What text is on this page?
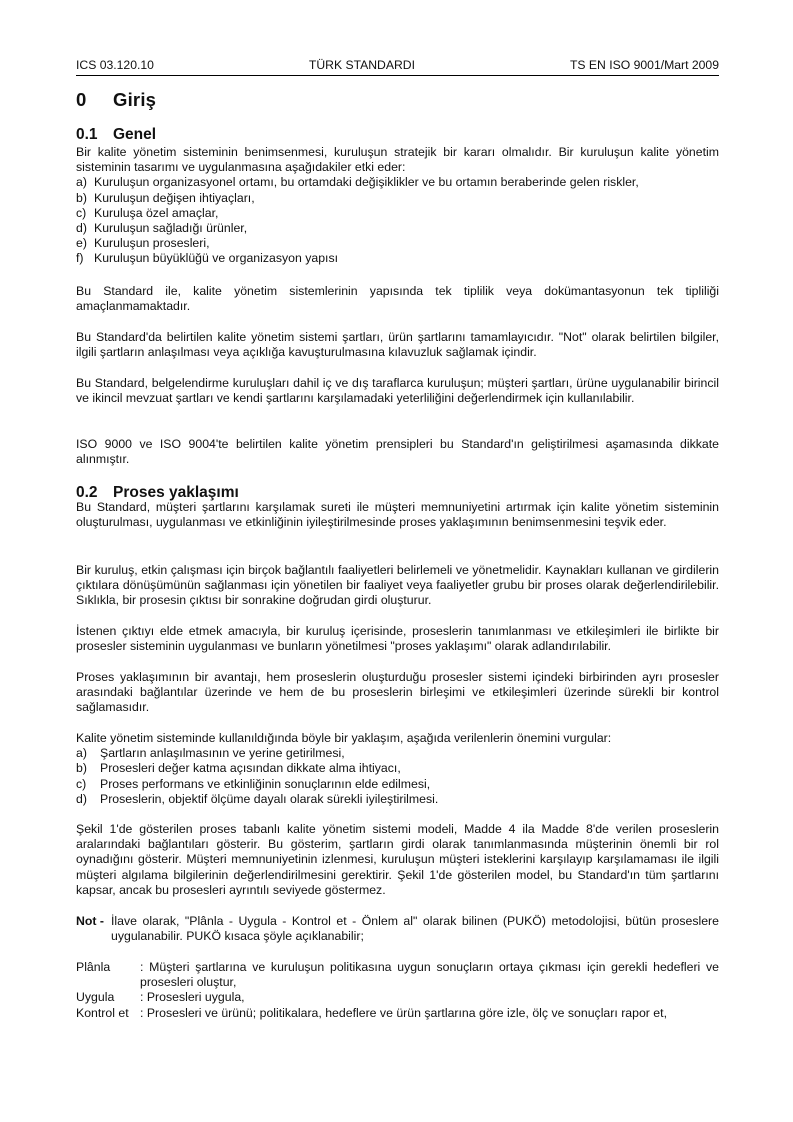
ICS 03.120.10	TÜRK STANDARDI	TS EN ISO 9001/Mart 2009
0 Giriş
0.1 Genel

Bir kalite yönetim sisteminin benimsenmesi, kuruluşun stratejik bir kararı olmalıdır. Bir kuruluşun kalite yönetim sisteminin tasarımı ve uygulanmasına aşağıdakiler etki eder:

a) Kuruluşun organizasyonel ortamı, bu ortamdaki değişiklikler ve bu ortamın beraberinde gelen riskler,
b) Kuruluşun değişen ihtiyaçları,
c) Kuruluşa özel amaçlar,
d) Kuruluşun sağladığı ürünler,
e) Kuruluşun prosesleri,
f) Kuruluşun büyüklüğü ve organizasyon yapısı

Bu Standard ile, kalite yönetim sistemlerinin yapısında tek tiplilik veya dokümantasyonun tek tipliliği amaçlanmamaktadır.

Bu Standard'da belirtilen kalite yönetim sistemi şartları, ürün şartlarını tamamlayıcıdır. "Not" olarak belirtilen bilgiler, ilgili şartların anlaşılması veya açıklığa kavuşturulmasına kılavuzluk sağlamak içindir.

Bu Standard, belgelendirme kuruluşları dahil iç ve dış taraflarca kuruluşun; müşteri şartları, ürüne uygulanabilir birincil ve ikincil mevzuat şartları ve kendi şartlarını karşılamadaki yeterliliğini değerlendirmek için kullanılabilir.

ISO 9000 ve ISO 9004'te belirtilen kalite yönetim prensipleri bu Standard'ın geliştirilmesi aşamasında dikkate alınmıştır.

0.2 Proses yaklaşımı

Bu Standard, müşteri şartlarını karşılamak sureti ile müşteri memnuniyetini artırmak için kalite yönetim sisteminin oluşturulması, uygulanması ve etkinliğinin iyileştirilmesinde proses yaklaşımının benimsenmesini teşvik eder.

Bir kuruluş, etkin çalışması için birçok bağlantılı faaliyetleri belirlemeli ve yönetmelidir. Kaynakları kullanan ve girdilerin çıktılara dönüşümünün sağlanması için yönetilen bir faaliyet veya faaliyetler grubu bir proses olarak değerlendirilebilir. Sıklıkla, bir prosesin çıktısı bir sonrakine doğrudan girdi oluşturur.

İstenen çıktıyı elde etmek amacıyla, bir kuruluş içerisinde, proseslerin tanımlanması ve etkileşimleri ile birlikte bir prosesler sisteminin uygulanması ve bunların yönetilmesi "proses yaklaşımı" olarak adlandırılabilir.

Proses yaklaşımının bir avantajı, hem proseslerin oluşturduğu prosesler sistemi içindeki birbirinden ayrı prosesler arasındaki bağlantılar üzerinde ve hem de bu proseslerin birleşimi ve etkileşimleri üzerinde sürekli bir kontrol sağlamasıdır.

Kalite yönetim sisteminde kullanıldığında böyle bir yaklaşım, aşağıda verilenlerin önemini vurgular:

a)	Şartların anlaşılmasının ve yerine getirilmesi,
b)	Prosesleri değer katma açısından dikkate alma ihtiyacı,
c)	Proses performans ve etkinliğinin sonuçlarının elde edilmesi,
d)	Proseslerin, objektif ölçüme dayalı olarak sürekli iyileştirilmesi.

Şekil 1'de gösterilen proses tabanlı kalite yönetim sistemi modeli, Madde 4 ila Madde 8'de verilen proseslerin aralarındaki bağlantıları gösterir. Bu gösterim, şartların girdi olarak tanımlanmasında müşterinin önemli bir rol oynadığını gösterir. Müşteri memnuniyetinin izlenmesi, kuruluşun müşteri isteklerini karşılayıp karşılamaması ile ilgili müşteri algılama bilgilerinin değerlendirilmesini gerektirir. Şekil 1'de gösterilen model, bu Standard'ın tüm şartlarını kapsar, ancak bu prosesleri ayrıntılı seviyede göstermez.

Not - İlave olarak, "Plânla - Uygula - Kontrol et - Önlem al" olarak bilinen (PUKÖ) metodolojisi, bütün proseslere uygulanabilir. PUKÖ kısaca şöyle açıklanabilir;
Plânla	: Müşteri şartlarına ve kuruluşun politikasına uygun sonuçların ortaya çıkması için gerekli hedefleri ve prosesleri oluştur,
Uygula	: Prosesleri uygula,
Kontrol et : Prosesleri ve ürünü; politikalara, hedeflere ve ürün şartlarına göre izle, ölç ve sonuçları rapor et,
